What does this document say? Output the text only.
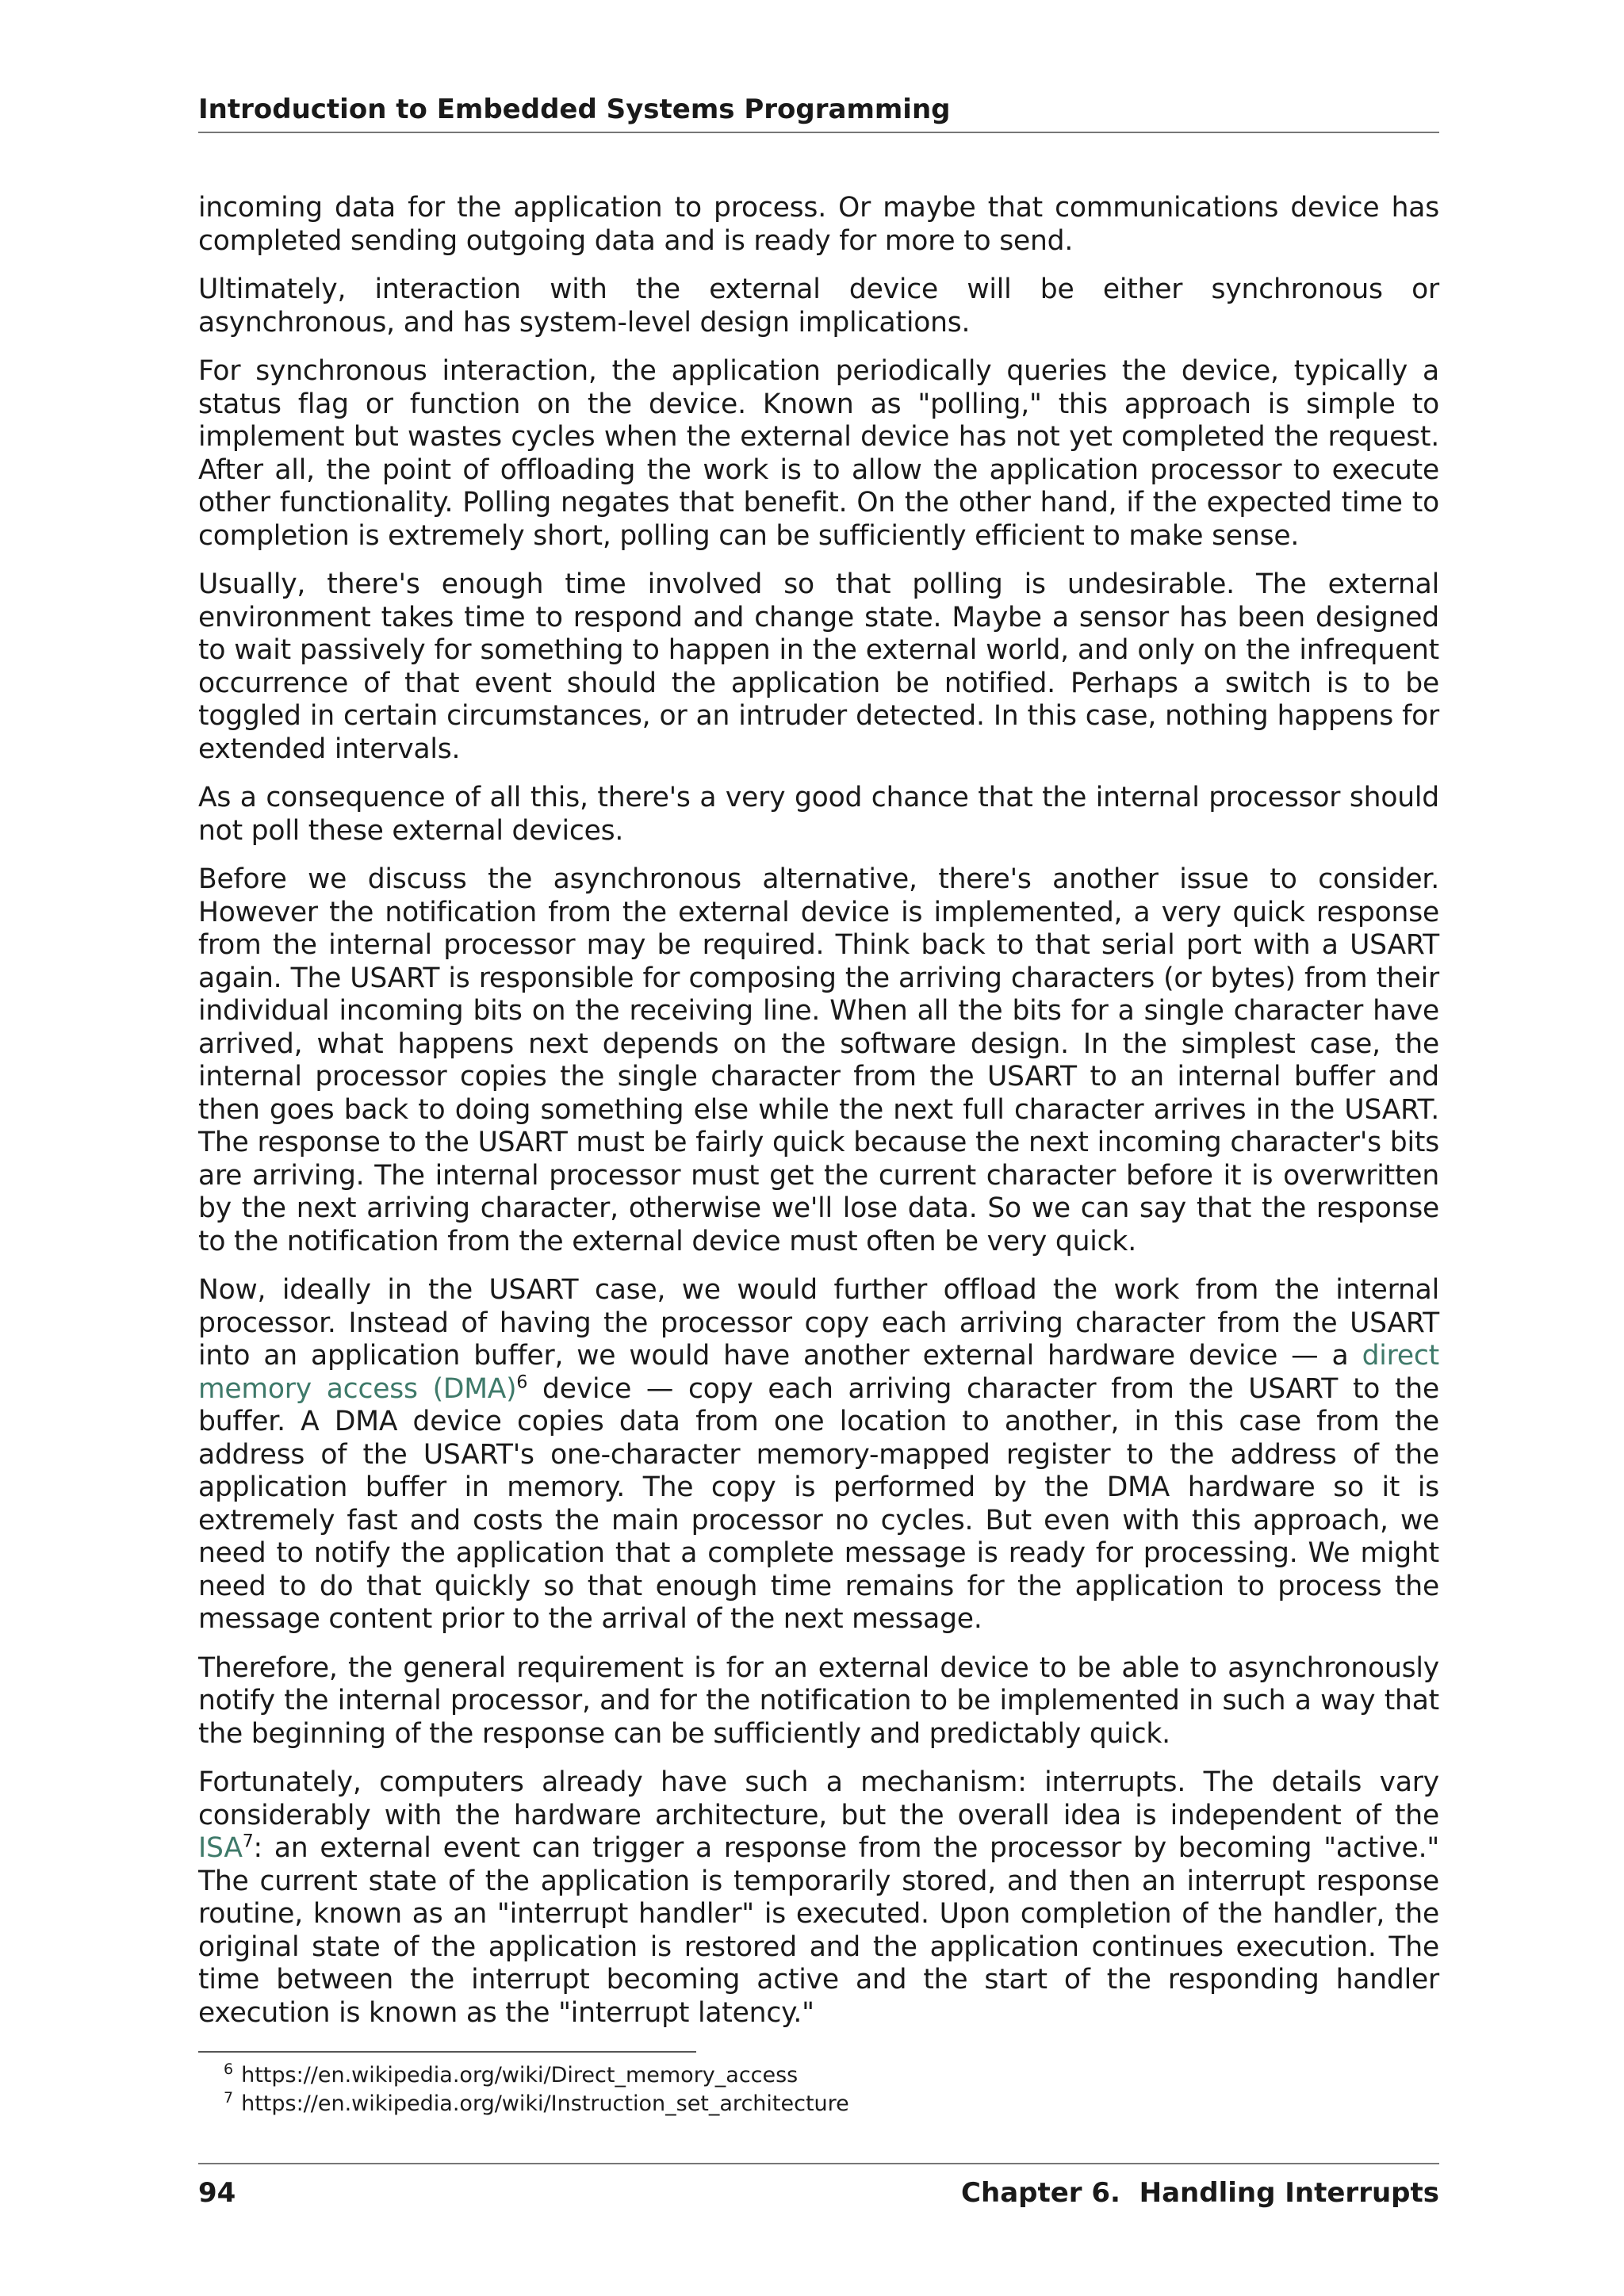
Introduction to Embedded Systems Programming

incoming data for the application to process. Or maybe that communications device has completed sending outgoing data and is ready for more to send.

Ultimately, interaction with the external device will be either synchronous or asynchronous, and has system-level design implications.

For synchronous interaction, the application periodically queries the device, typically a status flag or function on the device. Known as "polling," this approach is simple to implement but wastes cycles when the external device has not yet completed the request. After all, the point of offloading the work is to allow the application processor to execute other functionality. Polling negates that benefit. On the other hand, if the expected time to completion is extremely short, polling can be sufficiently efficient to make sense.

Usually, there's enough time involved so that polling is undesirable. The external environment takes time to respond and change state. Maybe a sensor has been designed to wait passively for something to happen in the external world, and only on the infrequent occurrence of that event should the application be notified. Perhaps a switch is to be toggled in certain circumstances, or an intruder detected. In this case, nothing happens for extended intervals.

As a consequence of all this, there's a very good chance that the internal processor should not poll these external devices.

Before we discuss the asynchronous alternative, there's another issue to consider. However the notification from the external device is implemented, a very quick response from the internal processor may be required. Think back to that serial port with a USART again. The USART is responsible for composing the arriving characters (or bytes) from their individual incoming bits on the receiving line. When all the bits for a single character have arrived, what happens next depends on the software design. In the simplest case, the internal processor copies the single character from the USART to an internal buffer and then goes back to doing something else while the next full character arrives in the USART. The response to the USART must be fairly quick because the next incoming character's bits are arriving. The internal processor must get the current character before it is overwritten by the next arriving character, otherwise we'll lose data. So we can say that the response to the notification from the external device must often be very quick.

Now, ideally in the USART case, we would further offload the work from the internal processor. Instead of having the processor copy each arriving character from the USART into an application buffer, we would have another external hardware device — a direct memory access (DMA)$^6$ device — copy each arriving character from the USART to the buffer. A DMA device copies data from one location to another, in this case from the address of the USART's one-character memory-mapped register to the address of the application buffer in memory. The copy is performed by the DMA hardware so it is extremely fast and costs the main processor no cycles. But even with this approach, we need to notify the application that a complete message is ready for processing. We might need to do that quickly so that enough time remains for the application to process the message content prior to the arrival of the next message.

Therefore, the general requirement is for an external device to be able to asynchronously notify the internal processor, and for the notification to be implemented in such a way that the beginning of the response can be sufficiently and predictably quick.

Fortunately, computers already have such a mechanism: interrupts. The details vary considerably with the hardware architecture, but the overall idea is independent of the ISA$^7$: an external event can trigger a response from the processor by becoming "active." The current state of the application is temporarily stored, and then an interrupt response routine, known as an "interrupt handler" is executed. Upon completion of the handler, the original state of the application is restored and the application continues execution. The time between the interrupt becoming active and the start of the responding handler execution is known as the "interrupt latency."

$^6$ https://en.wikipedia.org/wiki/Direct_memory_access

$^7$ https://en.wikipedia.org/wiki/Instruction_set_architecture

94	Chapter 6.  Handling Interrupts
